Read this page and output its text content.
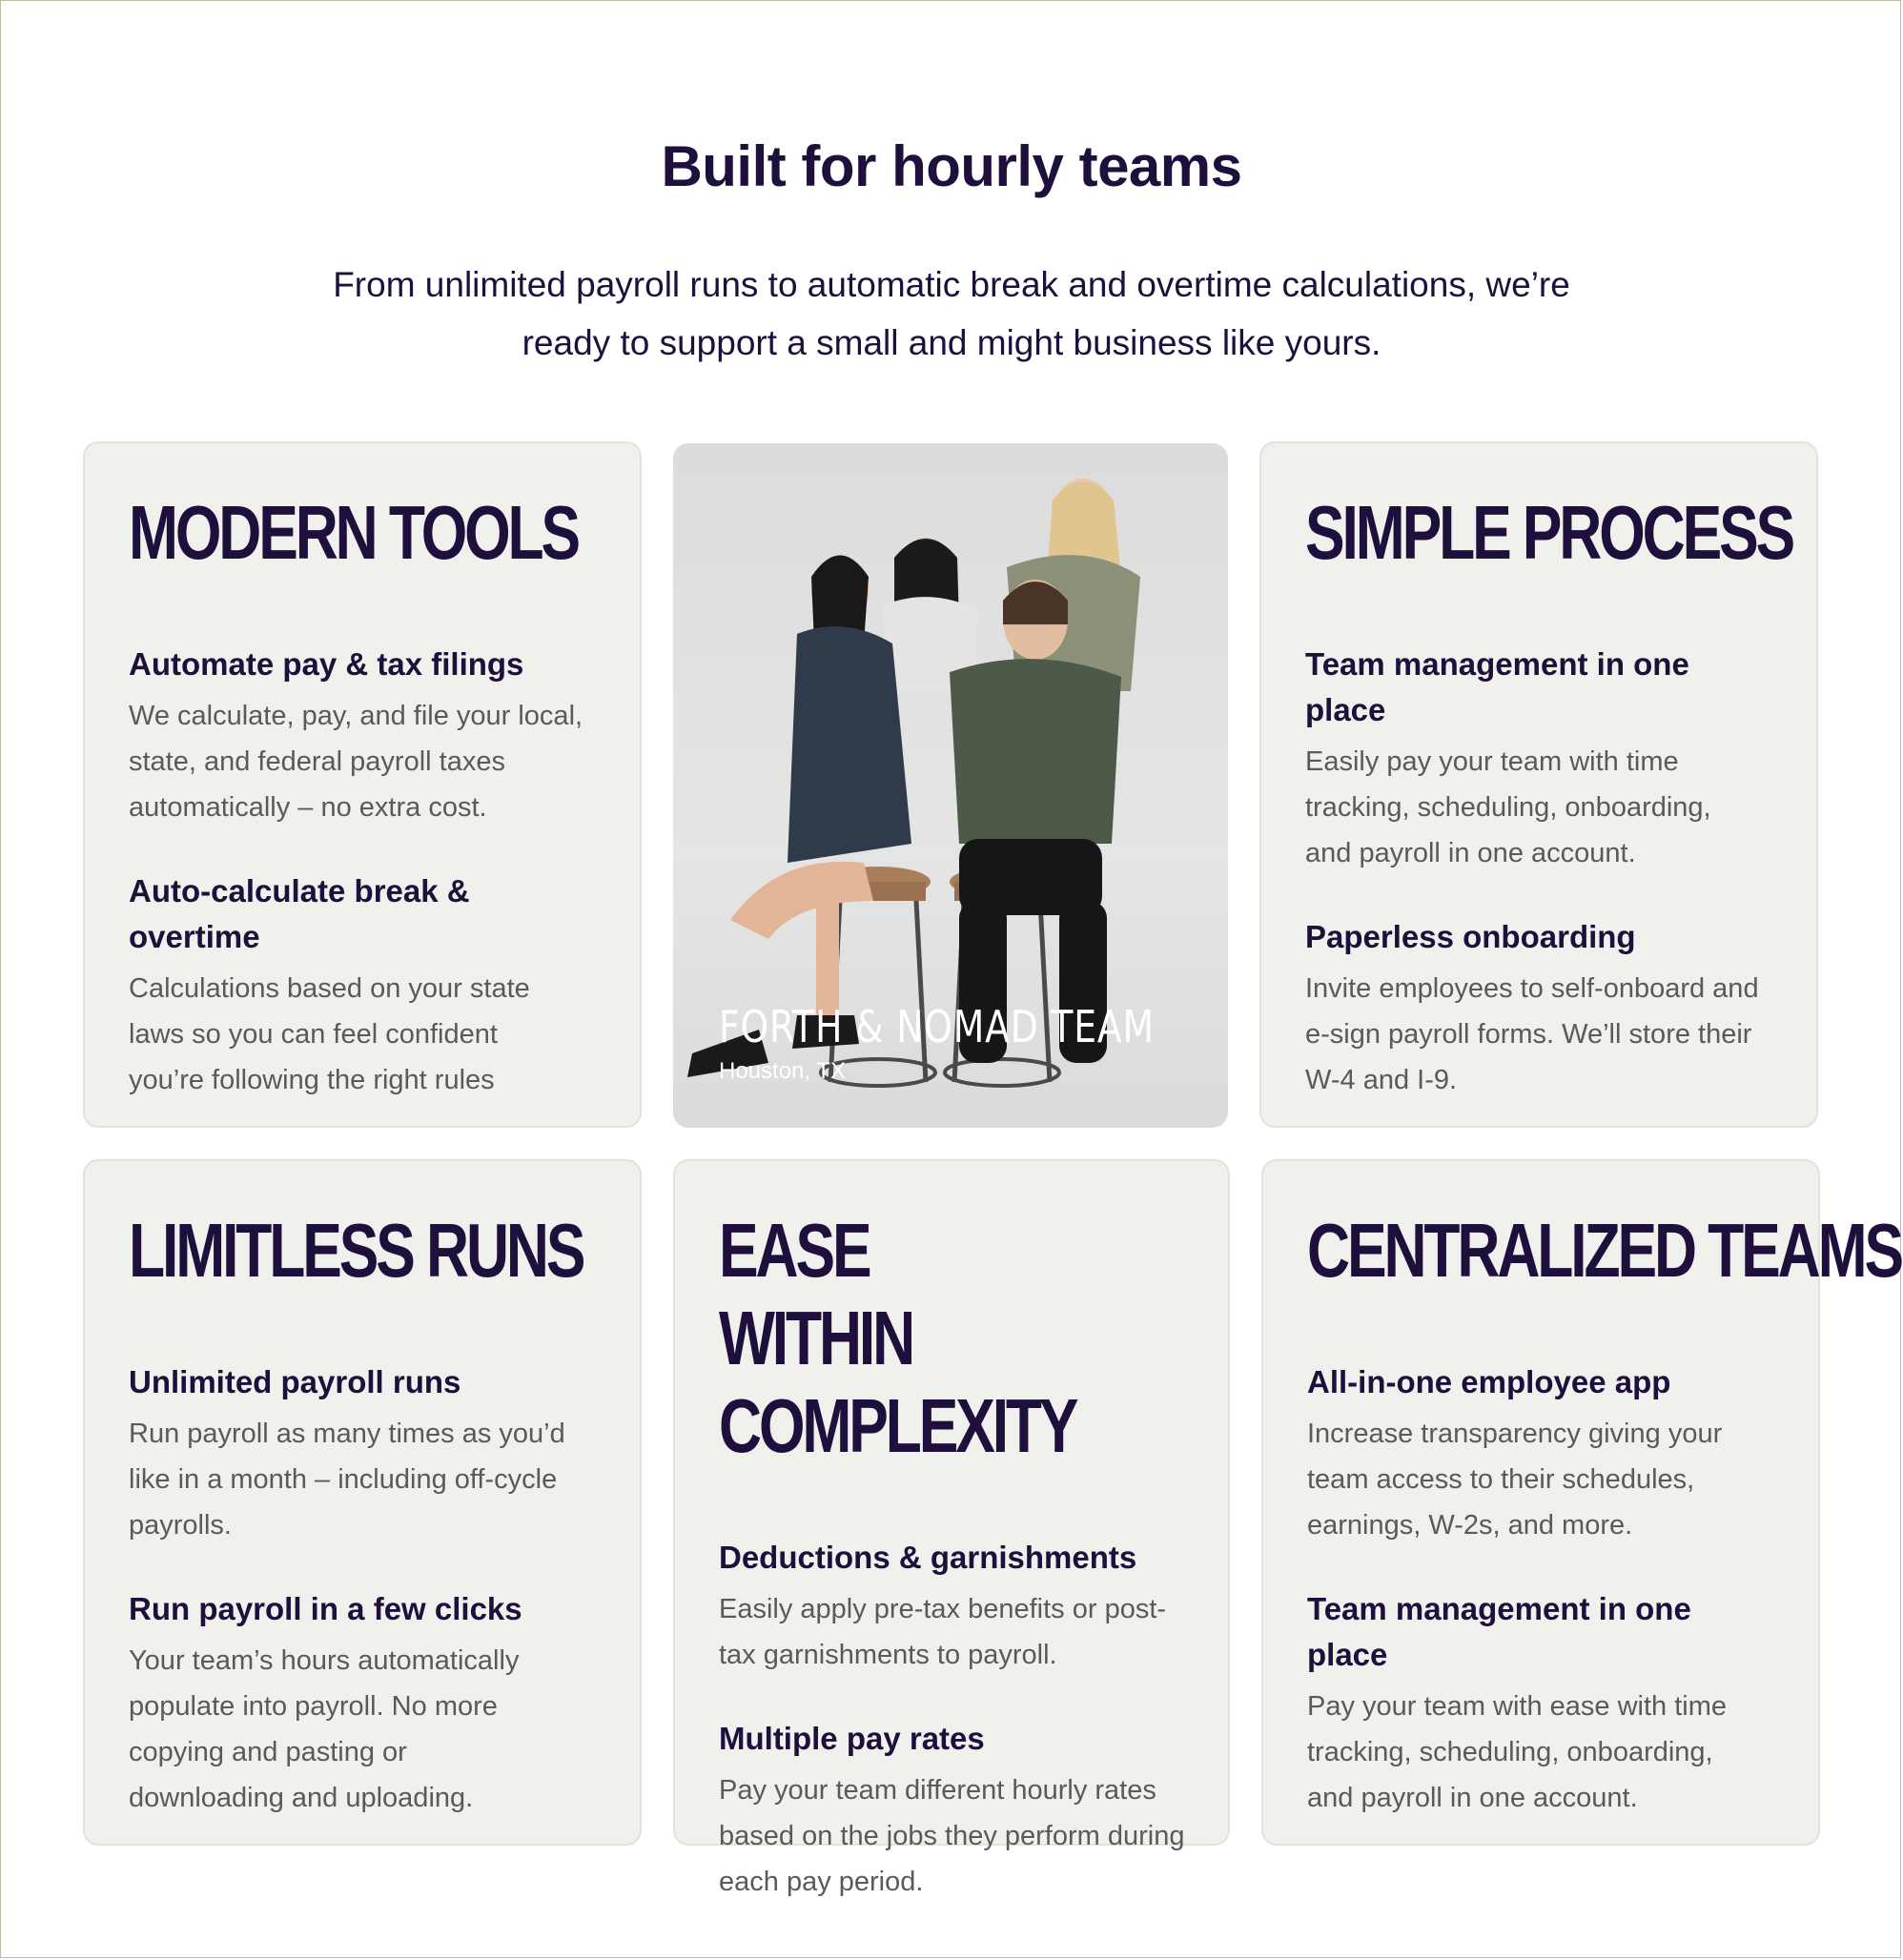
Built for hourly teams

From unlimited payroll runs to automatic break and overtime calculations, we’re ready to support a small and might business like yours.

MODERN TOOLS

Automate pay & tax filings

We calculate, pay, and file your local, state, and federal payroll taxes automatically – no extra cost.

Auto-calculate break & overtime

Calculations based on your state laws so you can feel confident you’re following the right rules

FORTH & NOMAD TEAM
Houston, TX
SIMPLE PROCESS

Team management in one place

Easily pay your team with time tracking, scheduling, onboarding, and payroll in one account.

Paperless onboarding

Invite employees to self-onboard and e-sign payroll forms. We’ll store their W-4 and I-9.

LIMITLESS RUNS

Unlimited payroll runs

Run payroll as many times as you’d like in a month – including off-cycle payrolls.

Run payroll in a few clicks

Your team’s hours automatically populate into payroll. No more copying and pasting or downloading and uploading.

EASE WITHIN COMPLEXITY

Deductions & garnishments

Easily apply pre-tax benefits or post-tax garnishments to payroll.

Multiple pay rates

Pay your team different hourly rates based on the jobs they perform during each pay period.

CENTRALIZED TEAMS

All-in-one employee app

Increase transparency giving your team access to their schedules, earnings, W-2s, and more.

Team management in one place

Pay your team with ease with time tracking, scheduling, onboarding, and payroll in one account.
